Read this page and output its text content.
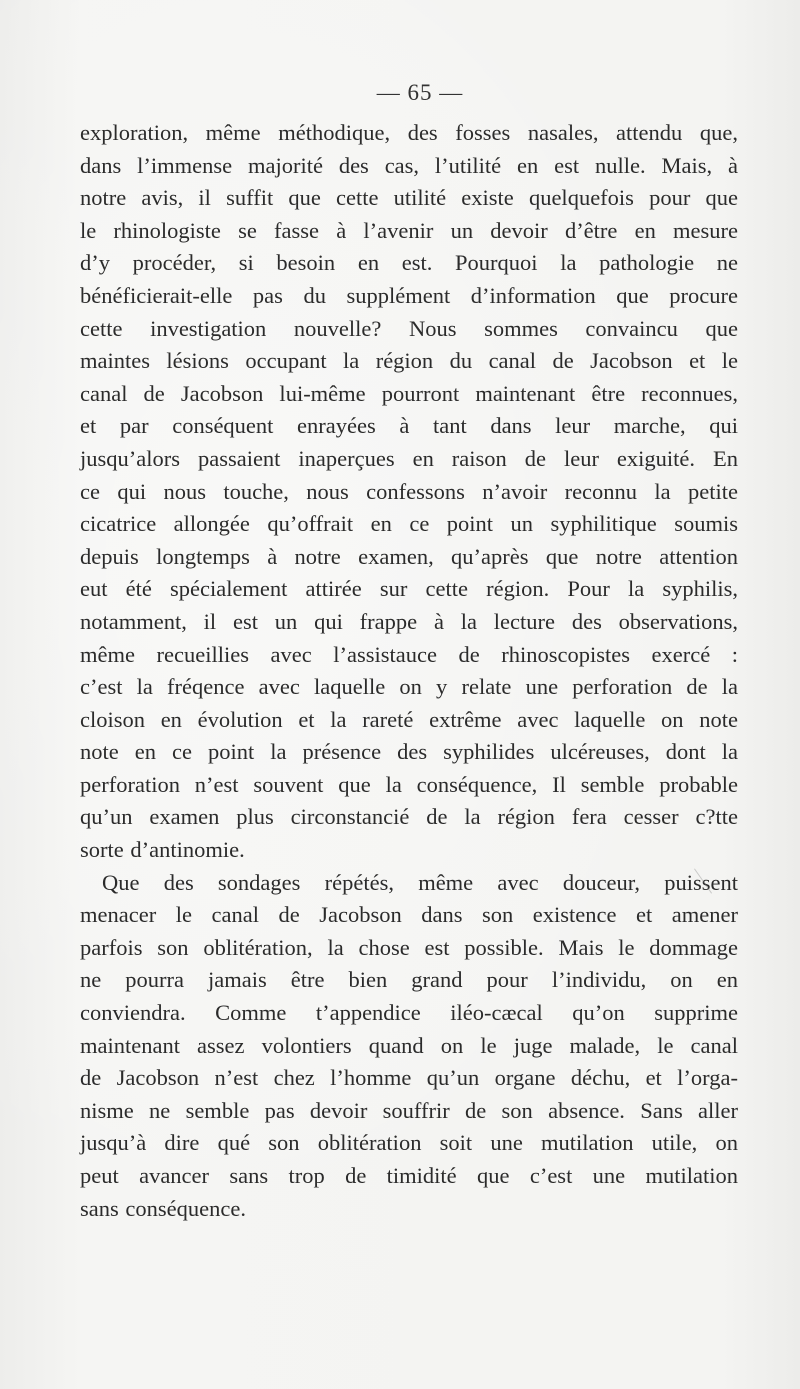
— 65 —
exploration, même méthodique, des fosses nasales, attendu que,
dans l’immense majorité des cas, l’utilité en est nulle. Mais, à
notre avis, il suffit que cette utilité existe quelquefois pour que
le rhinologiste se fasse à l’avenir un devoir d’être en mesure
d’y procéder, si besoin en est. Pourquoi la pathologie ne
bénéficierait-elle pas du supplément d’information que procure
cette investigation nouvelle? Nous sommes convaincu que
maintes lésions occupant la région du canal de Jacobson et le
canal de Jacobson lui-même pourront maintenant être reconnues,
et par conséquent enrayées à tant dans leur marche, qui
jusqu’alors passaient inaperçues en raison de leur exiguité. En
ce qui nous touche, nous confessons n’avoir reconnu la petite
cicatrice allongée qu’offrait en ce point un syphilitique soumis
depuis longtemps à notre examen, qu’après que notre attention
eut été spécialement attirée sur cette région. Pour la syphilis,
notamment, il est un qui frappe à la lecture des observations,
même recueillies avec l’assistauce de rhinoscopistes exercé :
c’est la fréqence avec laquelle on y relate une perforation de la
cloison en évolution et la rareté extrême avec laquelle on note
note en ce point la présence des syphilides ulcéreuses, dont la
perforation n’est souvent que la conséquence, Il semble probable
qu’un examen plus circonstancié de la région fera cesser c?tte
sorte d’antinomie.
Que des sondages répétés, même avec douceur, puissent
menacer le canal de Jacobson dans son existence et amener
parfois son oblitération, la chose est possible. Mais le dommage
ne pourra jamais être bien grand pour l’individu, on en
conviendra. Comme t’appendice iléo-cæcal qu’on supprime
maintenant assez volontiers quand on le juge malade, le canal
de Jacobson n’est chez l’homme qu’un organe déchu, et l’orga-
nisme ne semble pas devoir souffrir de son absence. Sans aller
jusqu’à dire qué son oblitération soit une mutilation utile, on
peut avancer sans trop de timidité que c’est une mutilation
sans conséquence.
